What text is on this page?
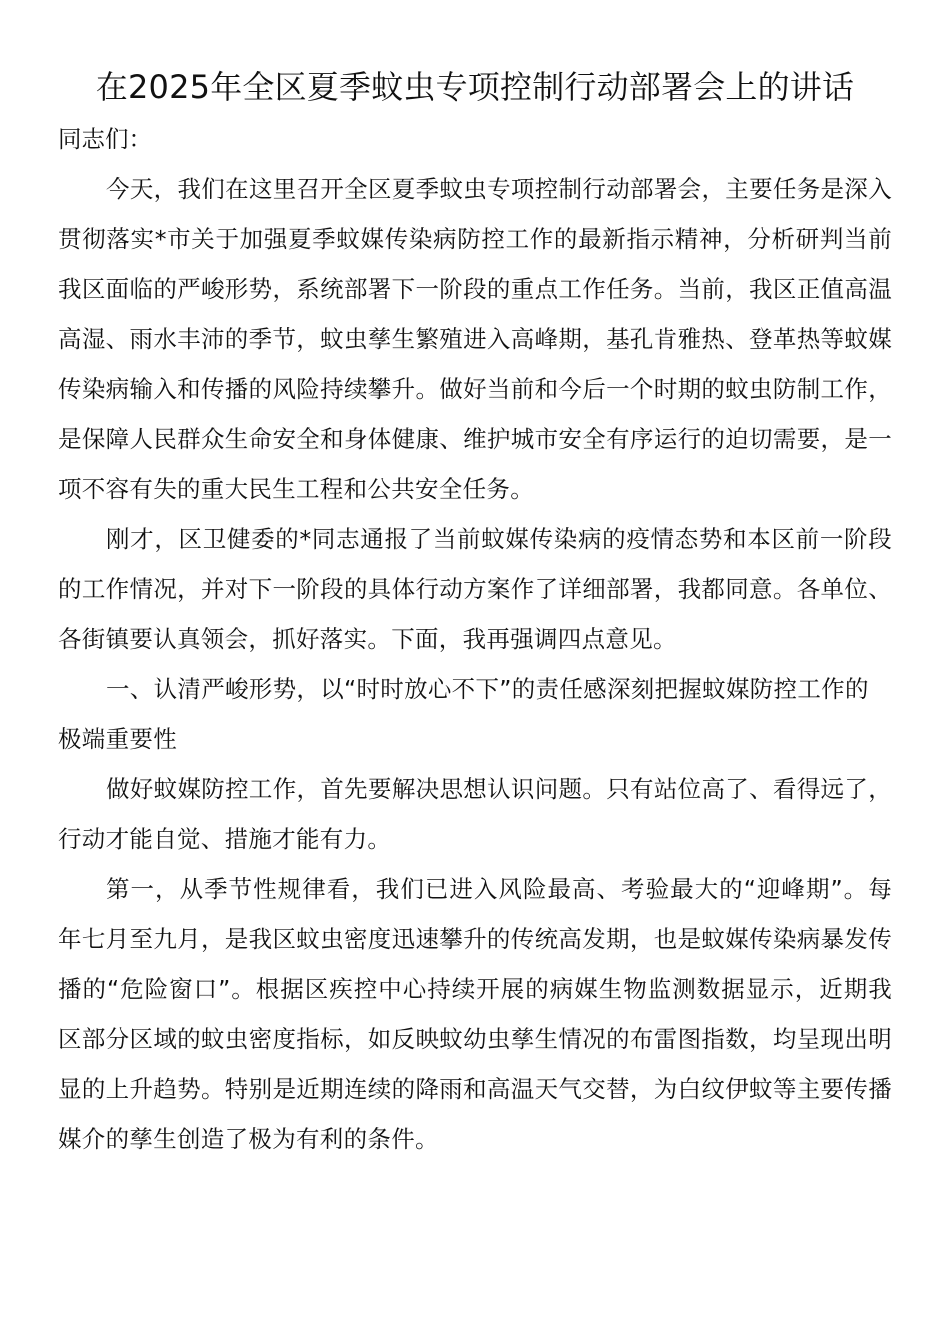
在2025年全区夏季蚊虫专项控制行动部署会上的讲话

同志们：

今天，我们在这里召开全区夏季蚊虫专项控制行动部署会，主要任务是深入贯彻落实*市关于加强夏季蚊媒传染病防控工作的最新指示精神，分析研判当前我区面临的严峻形势，系统部署下一阶段的重点工作任务。当前，我区正值高温高湿、雨水丰沛的季节，蚊虫孳生繁殖进入高峰期，基孔肯雅热、登革热等蚊媒传染病输入和传播的风险持续攀升。做好当前和今后一个时期的蚊虫防制工作，是保障人民群众生命安全和身体健康、维护城市安全有序运行的迫切需要，是一项不容有失的重大民生工程和公共安全任务。

刚才，区卫健委的*同志通报了当前蚊媒传染病的疫情态势和本区前一阶段的工作情况，并对下一阶段的具体行动方案作了详细部署，我都同意。各单位、各街镇要认真领会，抓好落实。下面，我再强调四点意见。

一、认清严峻形势，以“时时放心不下”的责任感深刻把握蚊媒防控工作的极端重要性

做好蚊媒防控工作，首先要解决思想认识问题。只有站位高了、看得远了，行动才能自觉、措施才能有力。

第一，从季节性规律看，我们已进入风险最高、考验最大的“迎峰期”。每年七月至九月，是我区蚊虫密度迅速攀升的传统高发期，也是蚊媒传染病暴发传播的“危险窗口”。根据区疾控中心持续开展的病媒生物监测数据显示，近期我区部分区域的蚊虫密度指标，如反映蚊幼虫孳生情况的布雷图指数，均呈现出明显的上升趋势。特别是近期连续的降雨和高温天气交替，为白纹伊蚊等主要传播媒介的孳生创造了极为有利的条件。
